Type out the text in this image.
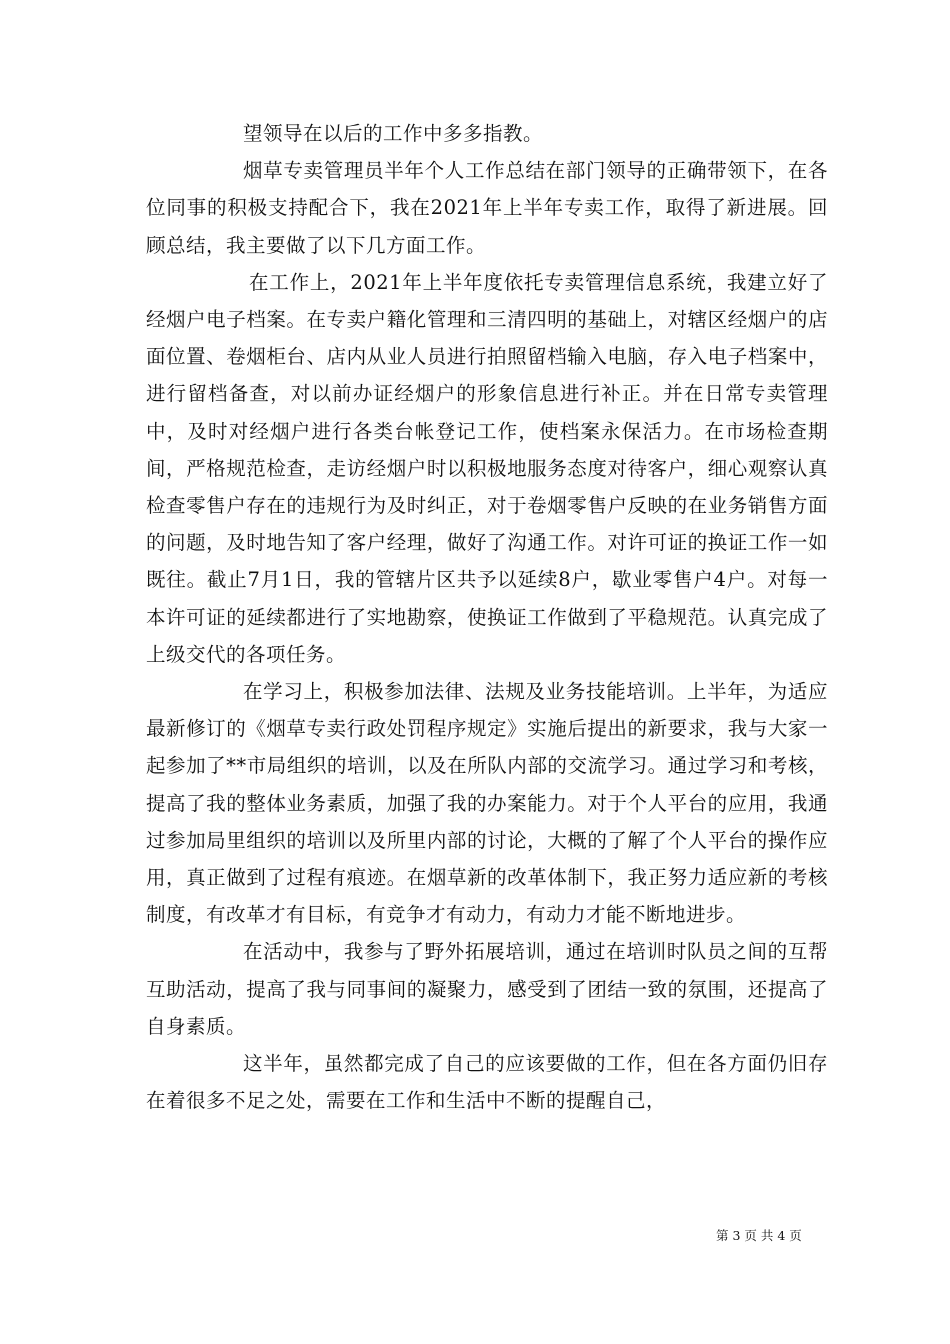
望领导在以后的工作中多多指教。

烟草专卖管理员半年个人工作总结在部门领导的正确带领下，在各位同事的积极支持配合下，我在2021年上半年专卖工作，取得了新进展。回顾总结，我主要做了以下几方面工作。

在工作上，2021年上半年度依托专卖管理信息系统，我建立好了经烟户电子档案。在专卖户籍化管理和三清四明的基础上，对辖区经烟户的店面位置、卷烟柜台、店内从业人员进行拍照留档输入电脑，存入电子档案中，进行留档备查，对以前办证经烟户的形象信息进行补正。并在日常专卖管理中，及时对经烟户进行各类台帐登记工作，使档案永保活力。在市场检查期间，严格规范检查，走访经烟户时以积极地服务态度对待客户，细心观察认真检查零售户存在的违规行为及时纠正，对于卷烟零售户反映的在业务销售方面的问题，及时地告知了客户经理，做好了沟通工作。对许可证的换证工作一如既往。截止7月1日，我的管辖片区共予以延续8户，歇业零售户4户。对每一本许可证的延续都进行了实地勘察，使换证工作做到了平稳规范。认真完成了上级交代的各项任务。

在学习上，积极参加法律、法规及业务技能培训。上半年，为适应最新修订的《烟草专卖行政处罚程序规定》实施后提出的新要求，我与大家一起参加了**市局组织的培训，以及在所队内部的交流学习。通过学习和考核，提高了我的整体业务素质，加强了我的办案能力。对于个人平台的应用，我通过参加局里组织的培训以及所里内部的讨论，大概的了解了个人平台的操作应用，真正做到了过程有痕迹。在烟草新的改革体制下，我正努力适应新的考核制度，有改革才有目标，有竞争才有动力，有动力才能不断地进步。

在活动中，我参与了野外拓展培训，通过在培训时队员之间的互帮互助活动，提高了我与同事间的凝聚力，感受到了团结一致的氛围，还提高了自身素质。

这半年，虽然都完成了自己的应该要做的工作，但在各方面仍旧存在着很多不足之处，需要在工作和生活中不断的提醒自己，

第 3 页 共 4 页
